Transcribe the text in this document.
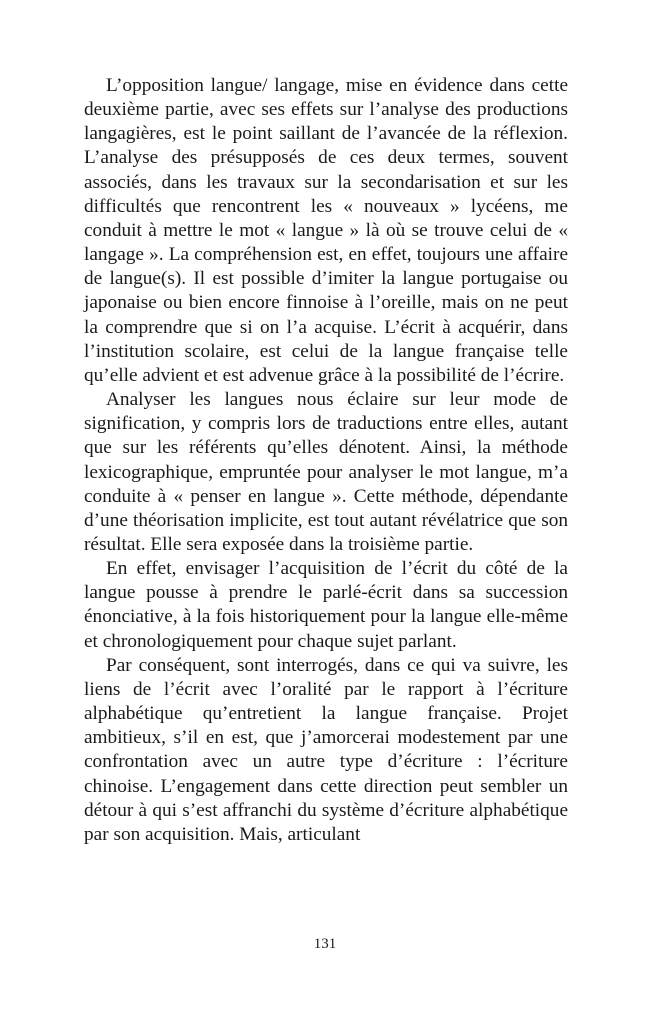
L’opposition langue/ langage, mise en évidence dans cette deuxième partie, avec ses effets sur l’analyse des productions langagières, est le point saillant de l’avancée de la réflexion. L’analyse des présupposés de ces deux termes, souvent associés, dans les travaux sur la secondarisation et sur les difficultés que rencontrent les « nouveaux » lycéens, me conduit à mettre le mot « langue » là où se trouve celui de « langage ». La compréhension est, en effet, toujours une affaire de langue(s). Il est possible d’imiter la langue portugaise ou japonaise ou bien encore finnoise à l’oreille, mais on ne peut la comprendre que si on l’a acquise. L’écrit à acquérir, dans l’institution scolaire, est celui de la langue française telle qu’elle advient et est advenue grâce à la possibilité de l’écrire.

Analyser les langues nous éclaire sur leur mode de signification, y compris lors de traductions entre elles, autant que sur les référents qu’elles dénotent. Ainsi, la méthode lexicographique, empruntée pour analyser le mot langue, m’a conduite à « penser en langue ». Cette méthode, dépendante d’une théorisation implicite, est tout autant révélatrice que son résultat. Elle sera exposée dans la troisième partie.

En effet, envisager l’acquisition de l’écrit du côté de la langue pousse à prendre le parlé-écrit dans sa succession énonciative, à la fois historiquement pour la langue elle-même et chronologiquement pour chaque sujet parlant.

Par conséquent, sont interrogés, dans ce qui va suivre, les liens de l’écrit avec l’oralité par le rapport à l’écriture alphabétique qu’entretient la langue française. Projet ambitieux, s’il en est, que j’amorcerai modestement par une confrontation avec un autre type d’écriture : l’écriture chinoise. L’engagement dans cette direction peut sembler un détour à qui s’est affranchi du système d’écriture alphabétique par son acquisition. Mais, articulant

131
